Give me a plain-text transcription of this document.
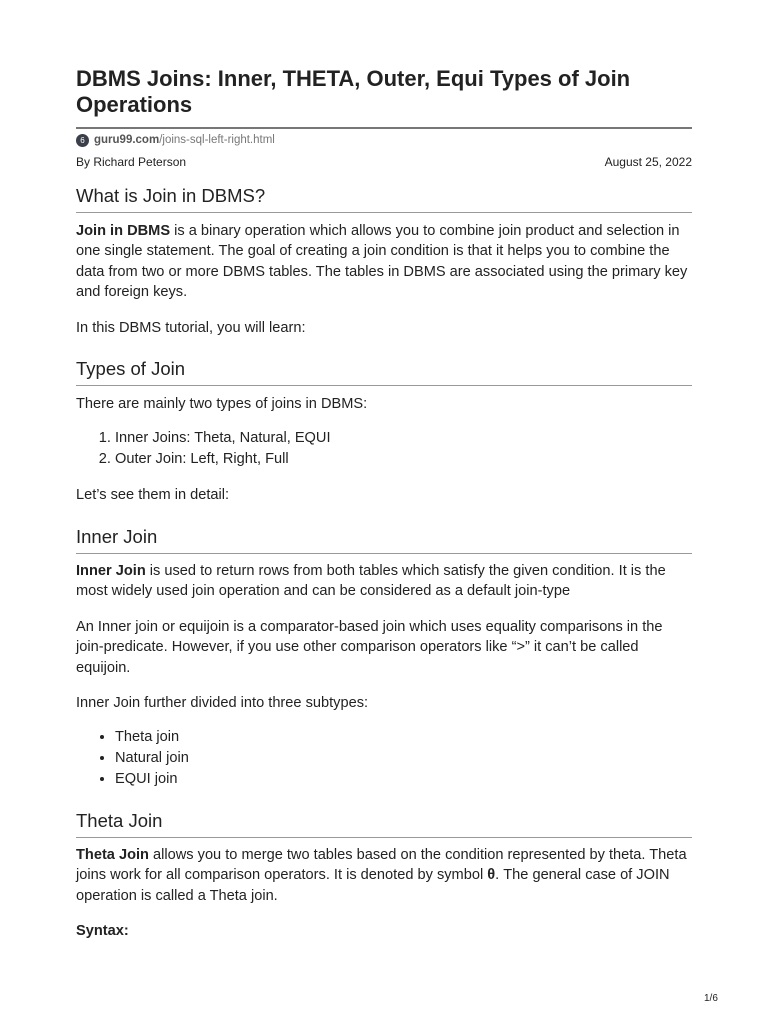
DBMS Joins: Inner, THETA, Outer, Equi Types of Join Operations
6 guru99.com /joins-sql-left-right.html
By Richard Peterson	August 25, 2022
What is Join in DBMS?

Join in DBMS is a binary operation which allows you to combine join product and selection in one single statement. The goal of creating a join condition is that it helps you to combine the data from two or more DBMS tables. The tables in DBMS are associated using the primary key and foreign keys.

In this DBMS tutorial, you will learn:

Types of Join

There are mainly two types of joins in DBMS:

1. Inner Joins: Theta, Natural, EQUI
2. Outer Join: Left, Right, Full

Let’s see them in detail:

Inner Join

Inner Join is used to return rows from both tables which satisfy the given condition. It is the most widely used join operation and can be considered as a default join-type

An Inner join or equijoin is a comparator-based join which uses equality comparisons in the join-predicate. However, if you use other comparison operators like “>” it can’t be called equijoin.

Inner Join further divided into three subtypes:

• Theta join
• Natural join
• EQUI join
Theta Join

Theta Join allows you to merge two tables based on the condition represented by theta. Theta joins work for all comparison operators. It is denoted by symbol θ. The general case of JOIN operation is called a Theta join.

Syntax:

1/6
